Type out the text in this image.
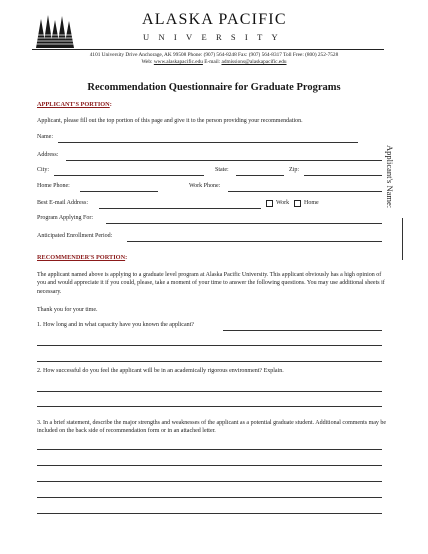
ALASKA PACIFIC
UNIVERSITY
4101 University Drive Anchorage, AK 99508 Phone: (907) 564-8248 Fax: (907) 564-8317 Toll Free: (800) 252-7528
Web: www.alaskapacific.edu E-mail: admissions@alaskapacific.edu
Recommendation Questionnaire for Graduate Programs
APPLICANT'S PORTION:
Applicant, please fill out the top portion of this page and give it to the person providing your recommendation.
Name:
Address:
City:	State:	Zip:
Home Phone:	Work Phone:
Best E-mail Address:	Work Home
Program Applying For:
Anticipated Enrollment Period:
Applicant's Name:
RECOMMENDER'S PORTION:
The applicant named above is applying to a graduate level program at Alaska Pacific University. This applicant obviously has a high opinion of you and would appreciate it if you could, please, take a moment of your time to answer the following questions. You may use additional sheets if necessary.
Thank you for your time.
1. How long and in what capacity have you known the applicant?
2. How successful do you feel the applicant will be in an academically rigorous environment? Explain.
3. In a brief statement, describe the major strengths and weaknesses of the applicant as a potential graduate student. Additional comments may be included on the back side of recommendation form or in an attached letter.
